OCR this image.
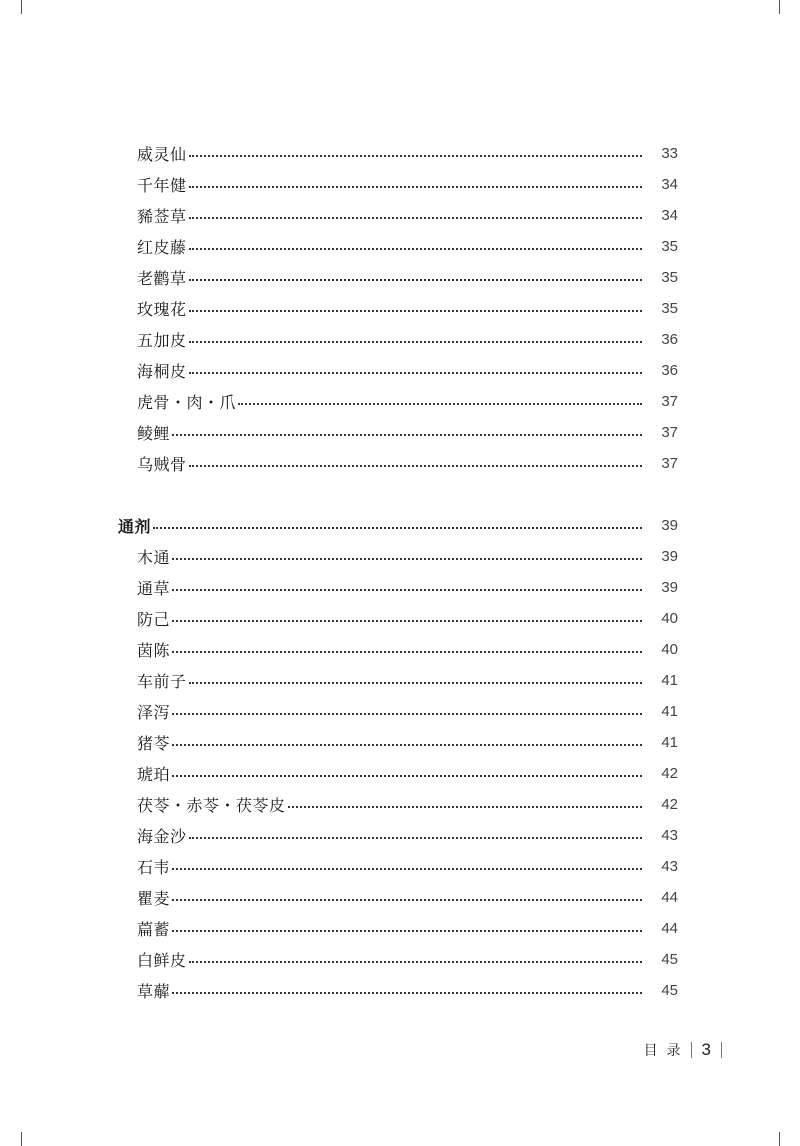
威灵仙	33
千年健	34
豨莶草	34
红皮藤	35
老鹳草	35
玫瑰花	35
五加皮	36
海桐皮	36
虎骨・肉・爪	37
鲮鲤	37
乌贼骨	37
通剂	39
木通	39
通草	39
防己	40
茵陈	40
车前子	41
泽泻	41
猪苓	41
琥珀	42
茯苓・赤苓・茯苓皮	42
海金沙	43
石韦	43
瞿麦	44
萹蓄	44
白鲜皮	45
草薢	45
目  录 3
